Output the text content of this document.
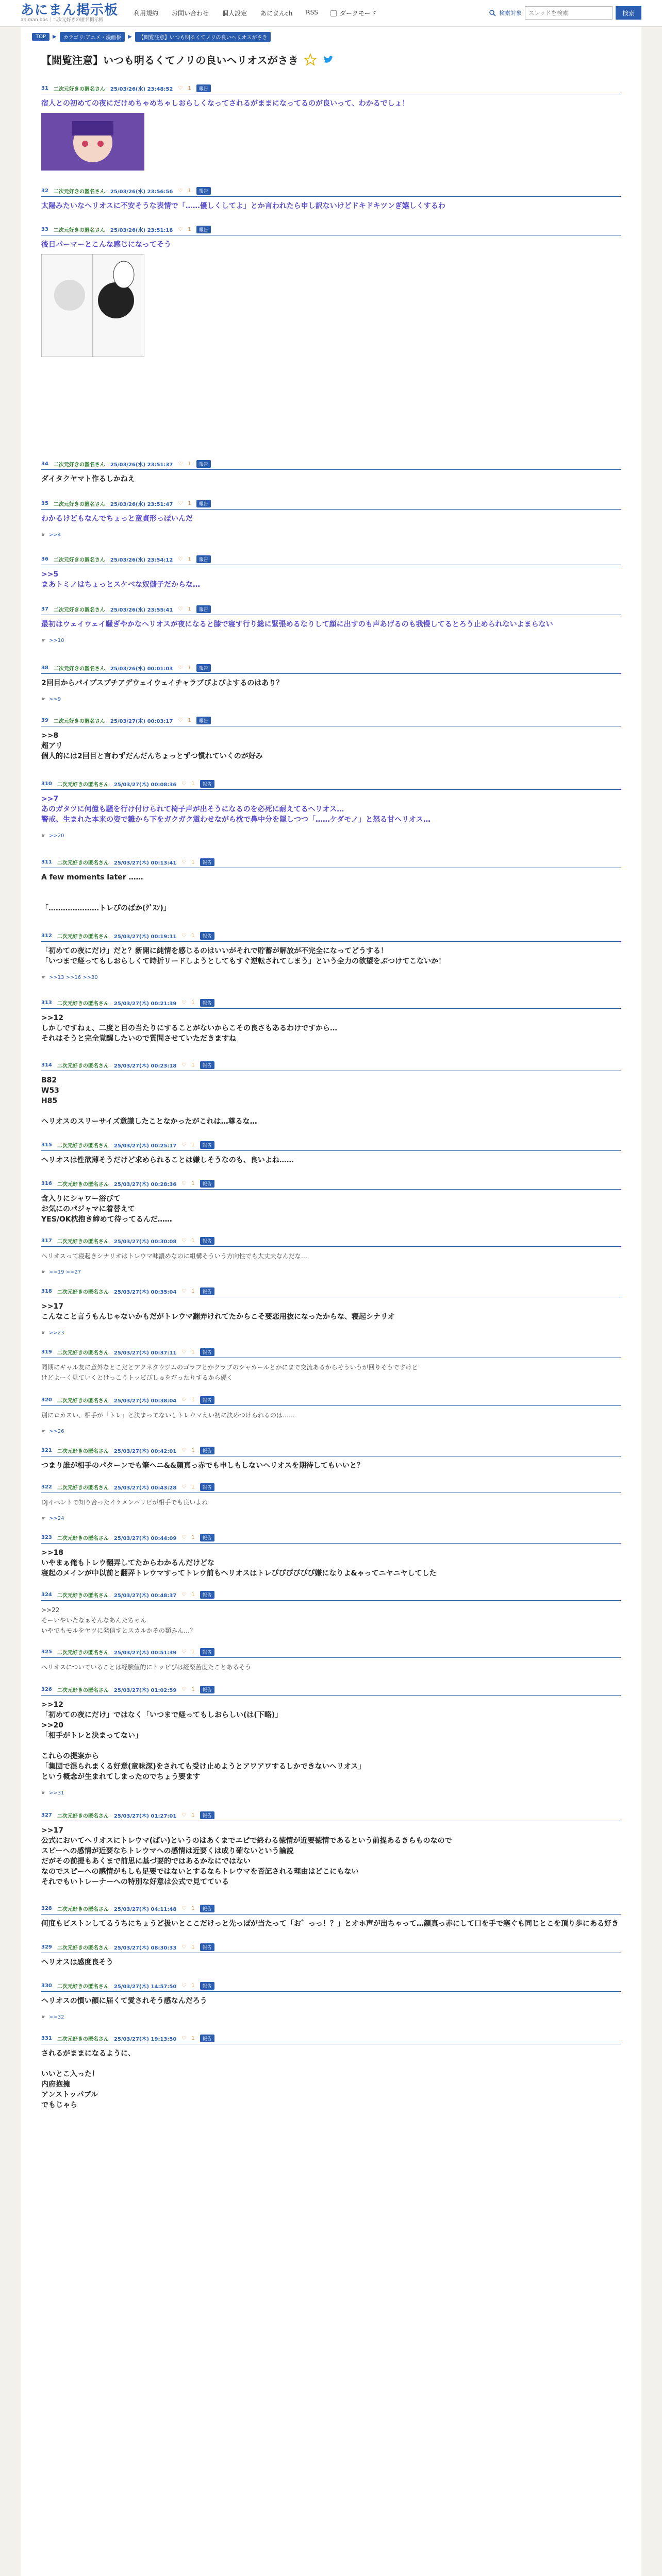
あにまん掲示板
animan bbs｜二次元好きの匿名掲示板
利用規約 お問い合わせ 個人設定 あにまんch RSS	ダークモード	検索対象
スレッドを検索	検索
TOP	▶	カテゴリ:アニメ・漫画板	▶	【閲覧注意】いつも明るくてノリの良いヘリオスがさき
【閲覧注意】いつも明るくてノリの良いヘリオスがさき
31 二次元好きの匿名さん 25/03/26(水) 23:48:52 ♡ 1	報告
宿人との初めての夜にだけめちゃめちゃしおらしくなってされるがままになってるのが良いって、わかるでしょ！
32 二次元好きの匿名さん 25/03/26(水) 23:56:56 ♡ 1	報告
太陽みたいなヘリオスに不安そうな表情で「……優しくしてよ」とか言われたら申し訳ないけどドキドキツンぎ嬉しくするわ
33 二次元好きの匿名さん 25/03/26(水) 23:51:18 ♡ 1	報告
後日パーマーとこんな感じになってそう
34 二次元好きの匿名さん 25/03/26(水) 23:51:37 ♡ 1	報告
ダイタクヤマト作るしかねえ
35 二次元好きの匿名さん 25/03/26(水) 23:51:47 ♡ 1	報告
わかるけどもなんでちょっと童貞形っぽいんだ
☛ >>4
36 二次元好きの匿名さん 25/03/26(水) 23:54:12 ♡ 1	報告
>>5
まあトミノはちょっとスケベな奴儲子だからな…
37 二次元好きの匿名さん 25/03/26(水) 23:55:41 ♡ 1	報告
最初はウェイウェイ騒ぎやかなヘリオスが夜になると膝で寝す行り総に緊張めるなりして顔に出すのも声あげるのも我慢してるとろう止められないよまらない
☛ >>10
38 二次元好きの匿名さん 25/03/26(水) 00:01:03 ♡ 1	報告
2回目からパイプスプチアデウェイウェイチャラブぴよぴよするのはあり？
☛ >>9
39 二次元好きの匿名さん 25/03/27(木) 00:03:17 ♡ 1	報告
>>8
超アリ
個人的には2回目と言わずだんだんちょっとずつ慣れていくのが好み
310 二次元好きの匿名さん 25/03/27(木) 00:08:36 ♡ 1	報告
>>7
あのガタツに何億も騒を行け付けられて椅子声が出そうになるのを必死に耐えてるヘリオス…
警戒、生まれた本来の姿で雛から下をガクガク震わせながら枕で鼻中分を隠しつつ「……ケダモノ」と怒る甘ヘリオス…
☛ >>20
311 二次元好きの匿名さん 25/03/27(木) 00:13:41 ♡ 1	報告
A few moments later ……

「…………………トレぴのばか(ｸﾞｽﾝ)」
312 二次元好きの匿名さん 25/03/27(木) 00:19:11 ♡ 1	報告
「初めての夜にだけ」だと？新開に純情を感じるのはいいがそれで貯蓄が解放が不完全になってどうする！
「いつまで経ってもしおらしくて時折リードしようとしてもすぐ逆転されてしまう」という全力の欲望をぶつけてこないか！
☛ >>13 >>16 >>30
313 二次元好きの匿名さん 25/03/27(木) 00:21:39 ♡ 1	報告
>>12
しかしですねぇ、二度と目の当たりにすることがないからこその良さもあるわけですから…
それはそうと完全覚醒したいので質問させていただきますね
314 二次元好きの匿名さん 25/03/27(木) 00:23:18 ♡ 1	報告
B82
W53
H85

ヘリオスのスリーサイズ意識したことなかったがこれは…尊るな…
315 二次元好きの匿名さん 25/03/27(木) 00:25:17 ♡ 1	報告
ヘリオスは性欲薄そうだけど求められることは嫌しそうなのも、良いよね……
316 二次元好きの匿名さん 25/03/27(木) 00:28:36 ♡ 1	報告
含入りにシャワー浴びて
お気にのパジャマに着替えて
YES/OK枕抱き締めて待ってるんだ……
317 二次元好きの匿名さん 25/03/27(木) 00:30:08 ♡ 1	報告
ヘリオスって寝起きシナリオはトレウマ味濃めなのに組構そういう方向性でも大丈夫なんだな…
☛ >>19 >>27
318 二次元好きの匿名さん 25/03/27(木) 00:35:04 ♡ 1	報告
>>17
こんなこと言うもんじゃないかもだがトレウマ翻弄けれてたからこそ要恋用抜になったからな、寝起シナリオ
☛ >>23
319 二次元好きの匿名さん 25/03/27(木) 00:37:11 ♡ 1	報告
同期にギャル友に意外なとこだとアクネタウジムのゴラフとかクラブのシャカールとかにまで交流あるからそういうが回りそうですけど
けどよーく見ていくとけっこうトッピぴしゅをだったりするから優く
320 二次元好きの匿名さん 25/03/27(木) 00:38:04 ♡ 1	報告
別にロカスい、相手が「トレ」と決まってないしトレウマえい初に決めつけられるのは……
☛ >>26
321 二次元好きの匿名さん 25/03/27(木) 00:42:01 ♡ 1	報告
つまり誰が相手のパターンでも筆ヘニ&&顔真っ赤でも申しもしないヘリオスを期待してもいいと？
322 二次元好きの匿名さん 25/03/27(木) 00:43:28 ♡ 1	報告
DJイベントで知り合ったイケメンパリピが相手でも良いよね
☛ >>24
323 二次元好きの匿名さん 25/03/27(木) 00:44:09 ♡ 1	報告
>>18
いやまぁ俺もトレウ翻弄してたからわかるんだけどな
寝起のメインが中以前と翻弄トレウマすってトレウ前もヘリオスはトレぴぴぴぴぴぴ嫌になりよ&ゃってニヤニヤしてした
324 二次元好きの匿名さん 25/03/27(木) 00:48:37 ♡ 1	報告
>>22
そーいやいたなぁそんなあんたちゃん
いやでもモルをヤツに発信すとスカルかその類みん…？
325 二次元好きの匿名さん 25/03/27(木) 00:51:39 ♡ 1	報告
ヘリオスについていることは経験値的にトッピぴは経楽苦度たことあるそう
326 二次元好きの匿名さん 25/03/27(木) 01:02:59 ♡ 1	報告
>>12
「初めての夜にだけ」ではなく「いつまで経ってもしおらしい(は(下略)」
>>20
「相手がトレと決まってない」

これらの提案から
「集団で混られまくる好意(童味深)をされても受け止めようとアワアワするしかできないヘリオス」
という概念が生まれてしまったのでちょう要ます
☛ >>31
327 二次元好きの匿名さん 25/03/27(木) 01:27:01 ♡ 1	報告
>>17
公式においてヘリオスにトレウマ(ぱい)というのはあくまでエピで終わる徳情が近要徳情であるという前提あるきらものなので
スピーヘの感情が近要なちトレウマへの感情は近要くは成り確ないという論説
だがその前提もあくまで前思に基づ要的ではあるかなにではない
なのでスピーヘの感情がもしも足要ではないとするならトレウマを否記される理由はどこにもない
それでもいトレーナーへの特別な好意は公式で見てている
328 二次元好きの匿名さん 25/03/27(木) 04:11:48 ♡ 1	報告
何度もビストンしてるうちにちょうど扱いとここだけっと先っぽが当たって「お゛っっ！？」とオホ声が出ちゃって…顔真っ赤にして口を手で塞ぐも同じとこを頂り歩にある好き
329 二次元好きの匿名さん 25/03/27(木) 08:30:33 ♡ 1	報告
ヘリオスは感度良そう
330 二次元好きの匿名さん 25/03/27(木) 14:57:50 ♡ 1	報告
ヘリオスの慣い顔に届くて愛されそう感なんだろう
☛ >>32
331 二次元好きの匿名さん 25/03/27(木) 19:13:50 ♡ 1	報告
されるがままになるように、

いいとこ入った！
内府抱擁
アンストッパブル
でもじゃら
